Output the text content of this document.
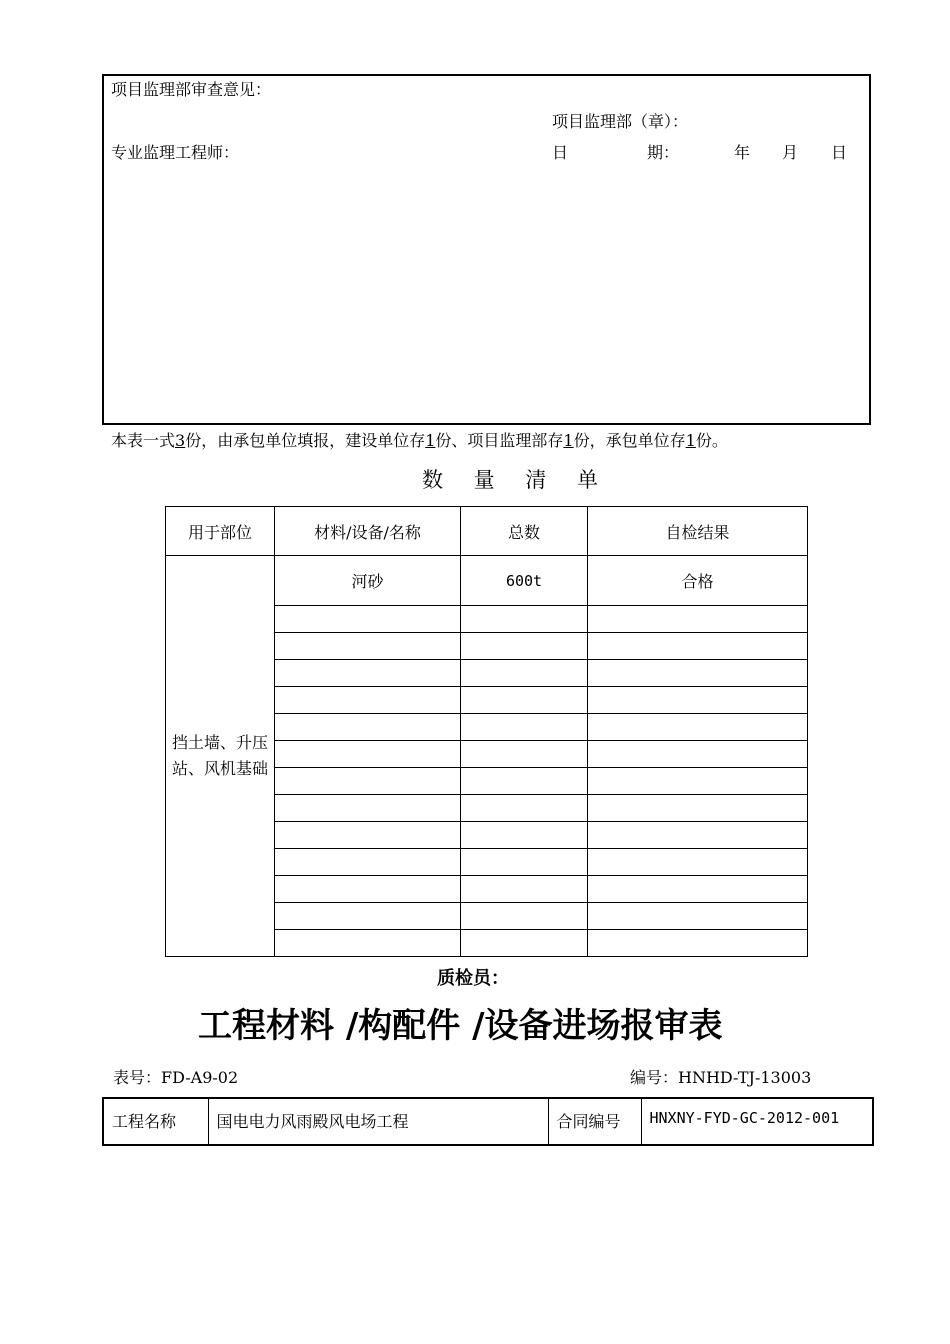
项目监理部审查意见：
项目监理部（章）：
专业监理工程师：	日	期：	年 月 日
本表一式3份，由承包单位填报，建设单位存1份、项目监理部存1份，承包单位存1份。
数 量 清 单
用于部位	材料/设备/名称	总数	自检结果
挡土墙、升压站、风机基础	河砂	600t	合格

质检员：
工程材料 /构配件 /设备进场报审表
表号：FD-A9-02	编号：HNHD-TJ-13003
工程名称	国电电力风雨殿风电场工程	合同编号	HNXNY-FYD-GC-2012-001
